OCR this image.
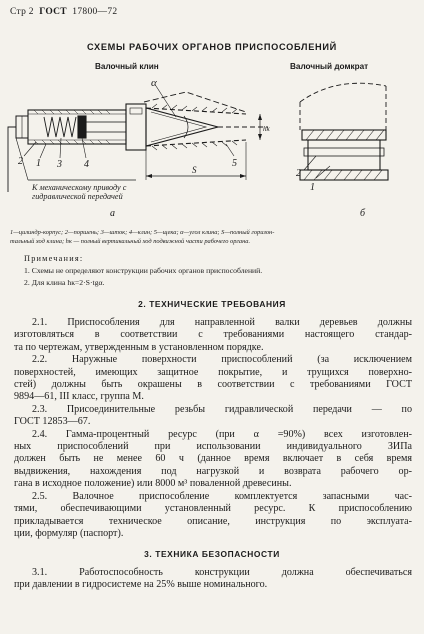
Стр 2 ГОСТ 17800—72
СХЕМЫ РАБОЧИХ ОРГАНОВ ПРИСПОСОБЛЕНИЙ
Валочный клин	Валочный домкрат
2 1 3 4	5
α
S
hк
К механическому приводу с
гидравлической передачей
а
2
1
б

1—цилиндр-корпус; 2—поршень; 3—шток; 4—клин; 5—щека; α—угол клина; S—полный горизон-
тальный ход клина; hк — полный вертикальный ход подвижной части рабочего органа.

Примечания:
1. Схемы не определяют конструкции рабочих органов приспособлений.
2. Для клина hк=2·S·tgα.
2. ТЕХНИЧЕСКИЕ ТРЕБОВАНИЯ
2.1. Приспособления для направленной валки деревьев должны
изготовляться в соответствии с требованиями настоящего стандар-
та по чертежам, утвержденным в установленном порядке.
2.2. Наружные поверхности приспособлений (за исключением
поверхностей, имеющих защитное покрытие, и трущихся поверхно-
стей) должны быть окрашены в соответствии с требованиями ГОСТ
9894—61, III класс, группа М.
2.3. Присоединительные резьбы гидравлической передачи — по
ГОСТ 12853—67.
2.4. Гамма-процентный ресурс (при α =90%) всех изготовлен-
ных приспособлений при использовании индивидуального ЗИПа
должен быть не менее 60 ч (данное время включает в себя время
выдвижения, нахождения под нагрузкой и возврата рабочего ор-
гана в исходное положение) или 8000 м³ поваленной древесины.
2.5. Валочное приспособление комплектуется запасными час-
тями, обеспечивающими установленный ресурс. К приспособлению
прикладывается техническое описание, инструкция по эксплуата-
ции, формуляр (паспорт).
3. ТЕХНИКА БЕЗОПАСНОСТИ
3.1. Работоспособность конструкции должна обеспечиваться
при давлении в гидросистеме на 25% выше номинального.
